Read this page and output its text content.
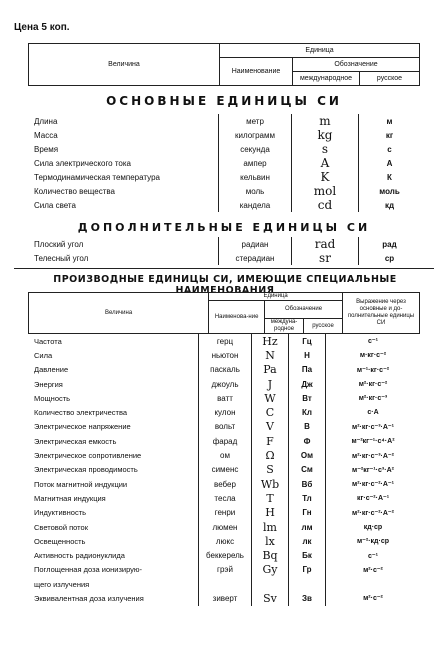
Цена 5 коп.
Величина	Единица		
	Наименование	Обозначение	
		международное	русское
ОСНОВНЫЕ ЕДИНИЦЫ СИ
Длина	метр	m	м
Масса	килограмм	kg	кг
Время	секунда	s	с
Сила электрического тока	ампер	A	А
Термодинамическая температура	кельвин	K	К
Количество вещества	моль	mol	моль
Сила света	кандела	cd	кд
ДОПОЛНИТЕЛЬНЫЕ ЕДИНИЦЫ СИ
Плоский угол	радиан	rad	рад
Телесный угол	стерадиан	sr	ср
ПРОИЗВОДНЫЕ ЕДИНИЦЫ СИ, ИМЕЮЩИЕ СПЕЦИАЛЬНЫЕ НАИМЕНОВАНИЯ
Величина	Единица			Выражение через основные и до-полнительные единицы СИ
	Наименова-ние	Обозначение		
		междуна-родное	русское	
Частота	герц	Hz	Гц	с⁻¹
Сила	ньютон	N	Н	м·кг·с⁻²
Давление	паскаль	Pa	Па	м⁻¹·кг·с⁻²
Энергия	джоуль	J	Дж	м²·кг·с⁻²
Мощность	ватт	W	Вт	м²·кг·с⁻³
Количество электричества	кулон	C	Кл	с·А
Электрическое напряжение	вольт	V	В	м²·кг·с⁻³·А⁻¹
Электрическая емкость	фарад	F	Ф	м⁻²кг⁻¹·с⁴·А²
Электрическое сопротивление	ом	Ω	Ом	м²·кг·с⁻³·А⁻²
Электрическая проводимость	сименс	S	См	м⁻²кг⁻¹·с³·А²
Поток магнитной индукции	вебер	Wb	Вб	м²·кг·с⁻²·А⁻¹
Магнитная индукция	тесла	T	Тл	кг·с⁻²·А⁻¹
Индуктивность	генри	H	Гн	м²·кг·с⁻²·А⁻²
Световой поток	люмен	lm	лм	кд·ср
Освещенность	люкс	lx	лк	м⁻²·кд·ср
Активность радионуклида	беккерель	Bq	Бк	с⁻¹
Поглощенная доза ионизирую-	грэй	Gy	Гр	м²·с⁻²
щего излучения				
Эквивалентная доза излучения	зиверт	Sv	Зв	м²·с⁻²
